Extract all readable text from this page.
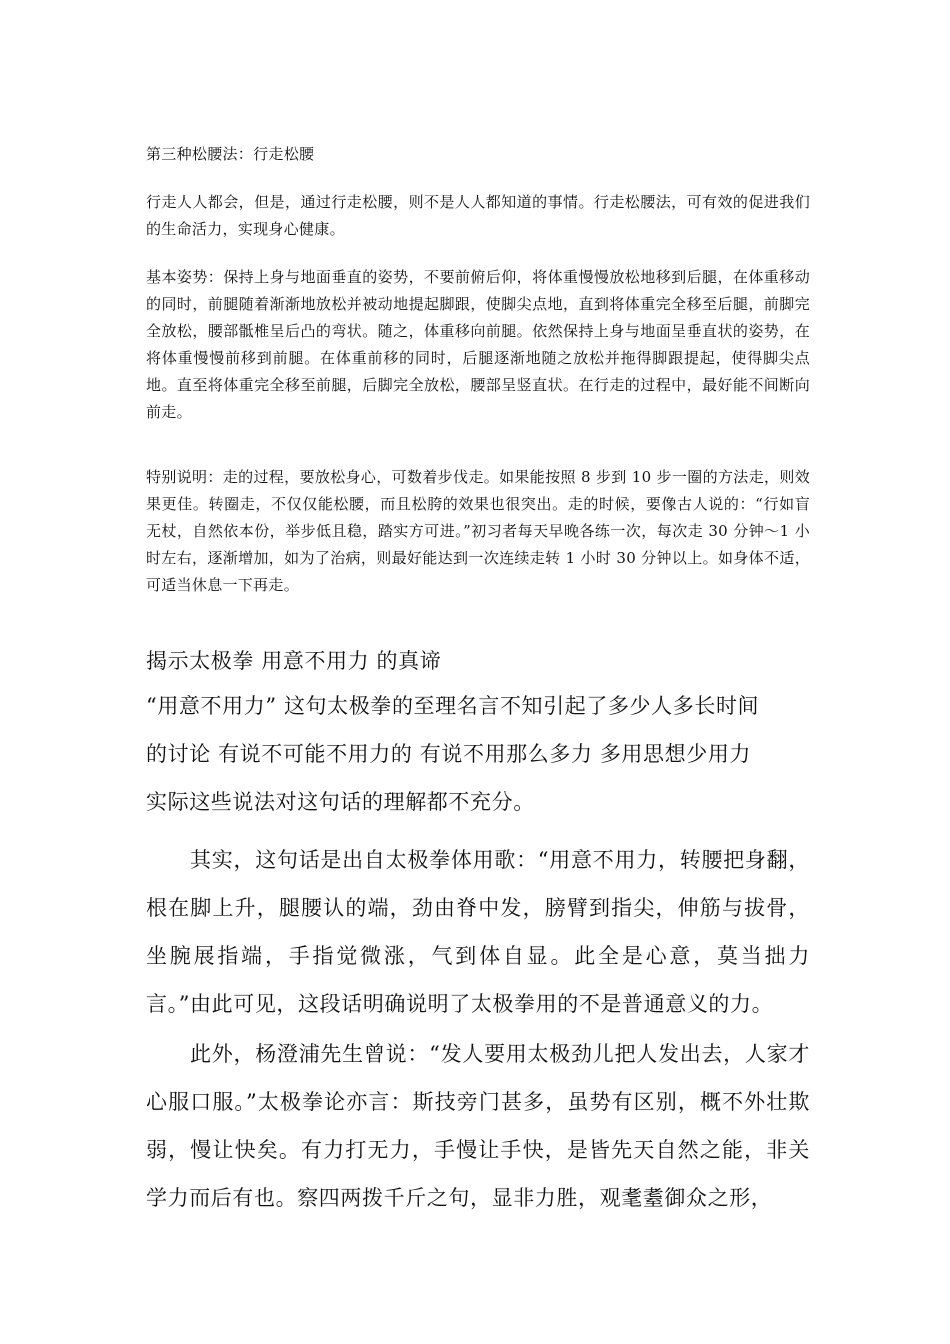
第三种松腰法：行走松腰
行走人人都会，但是，通过行走松腰，则不是人人都知道的事情。行走松腰法，可有效的促进我们的生命活力，实现身心健康。
基本姿势：保持上身与地面垂直的姿势，不要前俯后仰，将体重慢慢放松地移到后腿，在体重移动的同时，前腿随着渐渐地放松并被动地提起脚跟，使脚尖点地，直到将体重完全移至后腿，前脚完全放松，腰部骶椎呈后凸的弯状。随之，体重移向前腿。依然保持上身与地面呈垂直状的姿势，在将体重慢慢前移到前腿。在体重前移的同时，后腿逐渐地随之放松并拖得脚跟提起，使得脚尖点地。直至将体重完全移至前腿，后脚完全放松，腰部呈竖直状。在行走的过程中，最好能不间断向前走。
特别说明：走的过程，要放松身心，可数着步伐走。如果能按照 8 步到 10 步一圈的方法走，则效果更佳。转圈走，不仅仅能松腰，而且松胯的效果也很突出。走的时候，要像古人说的：“行如盲无杖，自然依本份，举步低且稳，踏实方可进。”初习者每天早晚各练一次，每次走 30 分钟～1 小时左右，逐渐增加，如为了治病，则最好能达到一次连续走转 1 小时 30 分钟以上。如身体不适，可适当休息一下再走。
揭示太极拳 用意不用力 的真谛
“用意不用力” 这句太极拳的至理名言不知引起了多少人多长时间
的讨论 有说不可能不用力的 有说不用那么多力 多用思想少用力
实际这些说法对这句话的理解都不充分。
其实，这句话是出自太极拳体用歌：“用意不用力，转腰把身翻，根在脚上升，腿腰认的端，劲由脊中发，膀臂到指尖，伸筋与拔骨，坐腕展指端，手指觉微涨，气到体自显。此全是心意，莫当拙力言。”由此可见，这段话明确说明了太极拳用的不是普通意义的力。
此外，杨澄浦先生曾说：“发人要用太极劲儿把人发出去，人家才心服口服。”太极拳论亦言：斯技旁门甚多，虽势有区别，概不外壮欺弱，慢让快矣。有力打无力，手慢让手快，是皆先天自然之能，非关学力而后有也。察四两拨千斤之句，显非力胜，观耄耋御众之形，
